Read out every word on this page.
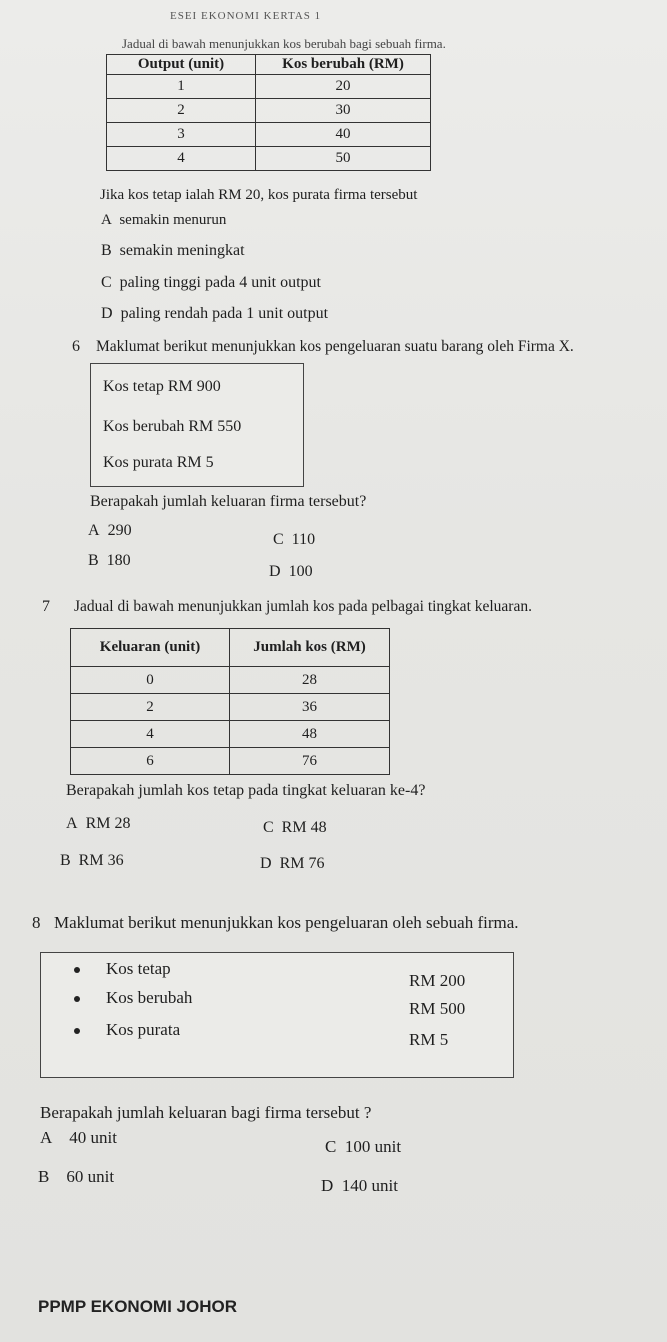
ESEI EKONOMI KERTAS 1
Jadual di bawah menunjukkan kos berubah bagi sebuah firma.
Output (unit)	Kos berubah (RM)
1	20
2	30
3	40
4	50
Jika kos tetap ialah RM 20, kos purata firma tersebut
A semakin menurun
B semakin meningkat
C paling tinggi pada 4 unit output
D paling rendah pada 1 unit output
6 Maklumat berikut menunjukkan kos pengeluaran suatu barang oleh Firma X.
Kos tetap RM 900
Kos berubah RM 550
Kos purata RM 5
Berapakah jumlah keluaran firma tersebut?
A 290
C 110
B 180
D 100
7 Jadual di bawah menunjukkan jumlah kos pada pelbagai tingkat keluaran.
Keluaran (unit)	Jumlah kos (RM)
0	28
2	36
4	48
6	76
Berapakah jumlah kos tetap pada tingkat keluaran ke-4?
A RM 28	C RM 48
B RM 36	D RM 76
8 Maklumat berikut menunjukkan kos pengeluaran oleh sebuah firma.
Kos tetap
RM 200
Kos berubah
RM 500
Kos purata
RM 5
Berapakah jumlah keluaran bagi firma tersebut ?
A 40 unit	C 100 unit
B 60 unit	D 140 unit
PPMP EKONOMI JOHOR
